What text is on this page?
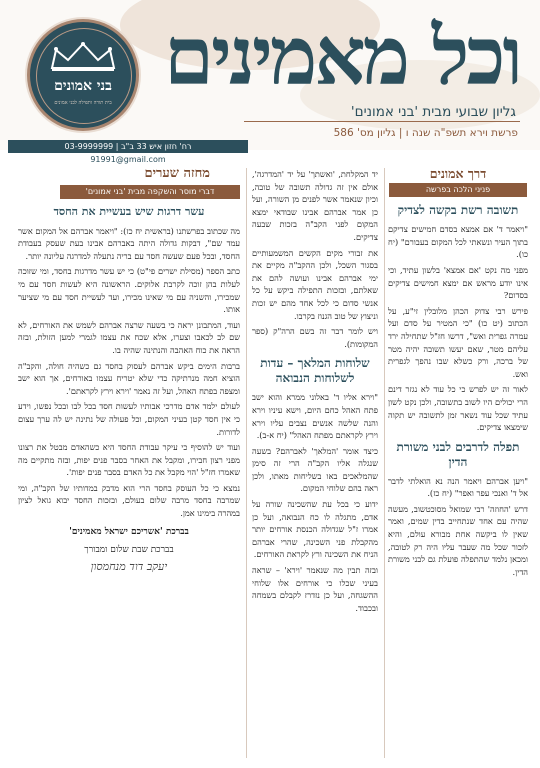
וכל מאמינים
גליון שבועי מבית 'בני אמונים'
פרשת וירא תשפ"ה שנה ו | גליון מס' 586
בני אמונים
בית תורה ותפילה לבני אמונים
רח' חזון איש 33 ב"ב | 03-9999999
91991@gmail.com
דרך אמונים
פניני הלכה בפרשה
תשובה רשת בקשה לצדיק

"ויאמר ד' אם אמצא בסדם חמישים צדיקם בתוך העיר ונשאתי לכל המקום בעבורם" (יח כו).

מפני מה נקט 'אם אמצא' בלשון עתיד, וכי אינו יודע מראש אם ימצא חמישים צדיקים בסדום?

פירש רבי צדוק הכהן מלובלין זי"ע, על הכתוב (יט כו) "כי המטיר על סדם ועל עמרה גפרית ואש", דרשו חז"ל שתחילה ירד עליהם מטר, שאם יעשו תשובה יהיה מטר של ברכה, ורק כשלא שבו נהפך לגפרית ואש.

לאור זה יש לפרש כי כל עוד לא נגזר דינם הרי יכולים היו לשוב בתשובה, ולכן נקט לשון עתיד שכל עוד נשאר זמן לתשובה יש תקוה שימצאו צדיקים.

תפלה לדרבים לבני משורת הדין

"ויען אברהם ויאמר הנה נא הואלתי לדבר אל ד' ואנכי עפר ואפר" (יח כז).

דרש 'החוזה' רבי שמואל מסוכטשוב, מעשה שהיה עם אחד שנתחייב בדין שמים, ואמר שאין לו ביקשה אחת מבורא עולם, והיא לזכור שכל מה שעבר עליו היה רק לטובה, ומכאן נלמד שהתפלה פועלת גם לבני משורת הדין.

יד המקלחת, 'ואשתך' על יד 'המדרגה', אולם אין זה גדולה תשובה של טובה, וכיון שנאמר אשר לפנים מן השורה, ועל כן אמר אברהם אבינו שבודאי ימצא המקום לפני הקב"ה בזכות שבעה צדיקים.

את זבורי מקים הקשים המשמעותיים בסגור השכל, ולכן ההקב"ה מקיים את ימי אברהם אבינו ועושה להם את שאלתם, ובזכות התפילה ביקש על כל אנשי סדום כי לכל אחד מהם יש זכות וניצוץ של טוב הגנוז בקרבו.

ויש לומר דבר זה בשם הרה"ק (ספר המקומות).

שלוחות המלאך – עדות לשלוחות הנבואה

"וירא אליו ד' באלוני ממרא והוא ישב פתח האהל כחם היום, וישא עיניו וירא והנה שלשה אנשים נצבים עליו וירא וירץ לקראתם מפתח האהל" (יח א-ב).

כיצד אומר 'המלאך' לאברהם? בשעה שנגלה אליו הקב"ה הרי זה סימן שהמלאכים באו בשליחות מאתו, ולכן ראה בהם שלוחי המקום.

ידוע כי בכל עת שהשכינה שורה על אדם, מתגלה לו כח הנבואה, ועל כן אמרו ז"ל שגדולה הכנסת אורחים יותר מהקבלת פני השכינה, שהרי אברהם הניח את השכינה ורץ לקראת האורחים.

ובזה תבין מה שנאמר 'וירא' – שראה בעיני שכלו כי אורחים אלו שלוחי ההשגחה, ועל כן נזדרז לקבלם בשמחה ובכבוד.

מחזה שערים
דברי מוסר והשקפה מבית 'בני אמונים'
עשר דרגות שיש בעשיית את החסד

מה שכתוב בפרשתנו (בראשית יח כז): "ויאמר אברהם אל המקום אשר עמד שם", דבקות גדולה היתה באברהם אבינו בעת שעסק בעבודת החסד, ובכל פעם שעשה חסד עם בריה נתעלה למדרגה עליונה יותר.

כתב הספר (מסילת ישרים פי"ט) כי יש עשר מדרגות בחסד, ומי שזוכה לעלות בהן זוכה לקרבת אלוקים. הראשונה היא לעשות חסד עם מי שמכירו, והשניה עם מי שאינו מכירו, ועד לעשיית חסד עם מי שציער אותו.

ועוד, המתבונן יראה כי בשעה שרצה אברהם לשמש את האורחים, לא שם לב לכאבו וצערו, אלא שכח את עצמו לגמרי למען הזולת, ובזה הראה את כוח האהבה והנתינה שהיה בו.

ברבות הימים ביקש אברהם לעסוק בחסד גם כשהיה חולה, והקב"ה הוציא חמה מנרתיקה כדי שלא יטריח עצמו באורחים, אך הוא ישב ומצפה בפתח האהל, ועל זה נאמר 'וירא וירץ לקראתם'.

לעולם ילמד אדם מדרכי אבותיו לעשות חסד בכל לבו ובכל נפשו, וידע כי אין חסד קטן בעיני המקום, וכל פעולה של נתינה יש לה ערך עצום לדורות.

ועוד יש להוסיף כי עיקר עבודת החסד היא כשהאדם מבטל את רצונו מפני רצון חבירו, ומקבל את האחר בסבר פנים יפות, ובזה מתקיים מה שאמרו חז"ל 'הוי מקבל את כל האדם בסבר פנים יפות'.

נמצא כי כל העוסק בחסד הרי הוא מדבק במדותיו של הקב"ה, ומי שמרבה בחסד מרבה שלום בעולם, ובזכות החסד יבוא גואל לציון במהרה בימינו אמן.

בברכת 'אשריכם ישראל מאמינים'
בברכת שבת שלום ומבורך
יעקב דוד מנחמסון
